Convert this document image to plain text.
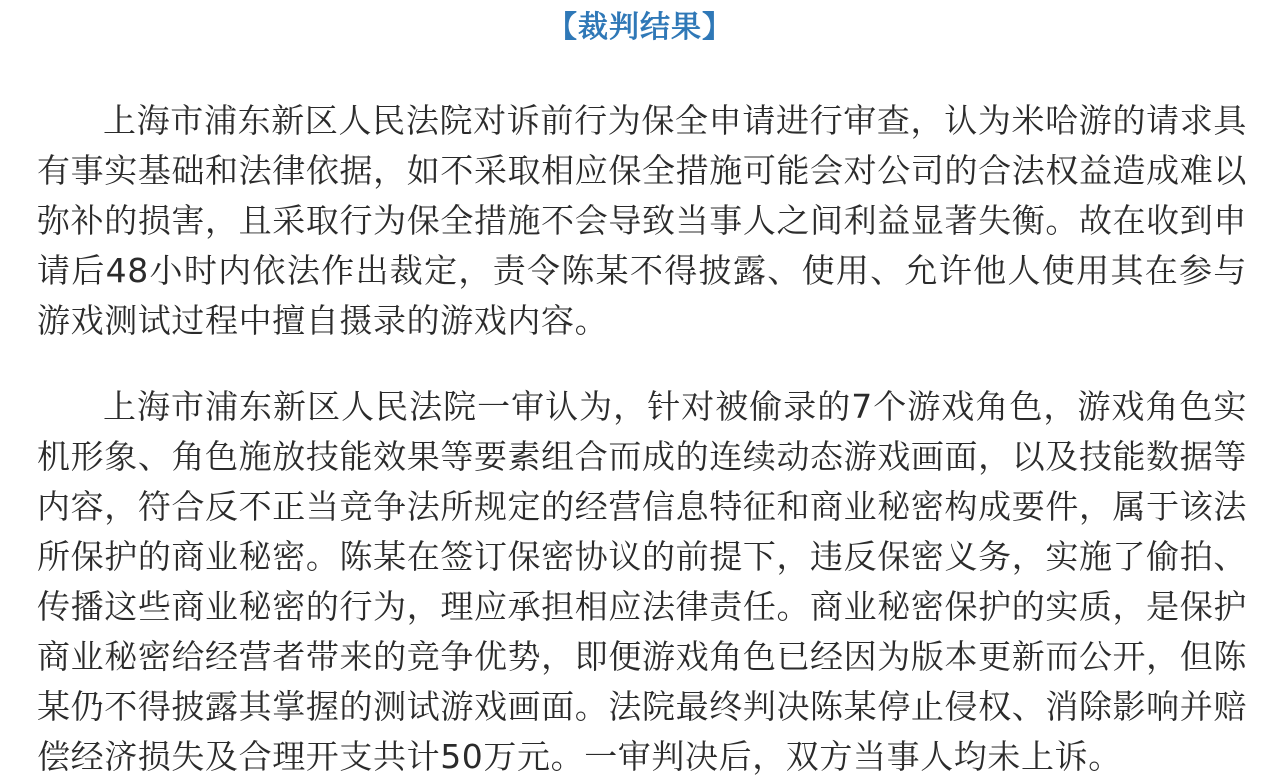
【裁判结果】

上海市浦东新区人民法院对诉前行为保全申请进行审查，认为米哈游的请求具有事实基础和法律依据，如不采取相应保全措施可能会对公司的合法权益造成难以弥补的损害，且采取行为保全措施不会导致当事人之间利益显著失衡。故在收到申请后48小时内依法作出裁定，责令陈某不得披露、使用、允许他人使用其在参与游戏测试过程中擅自摄录的游戏内容。

上海市浦东新区人民法院一审认为，针对被偷录的7个游戏角色，游戏角色实机形象、角色施放技能效果等要素组合而成的连续动态游戏画面，以及技能数据等内容，符合反不正当竞争法所规定的经营信息特征和商业秘密构成要件，属于该法所保护的商业秘密。陈某在签订保密协议的前提下，违反保密义务，实施了偷拍、传播这些商业秘密的行为，理应承担相应法律责任。商业秘密保护的实质，是保护商业秘密给经营者带来的竞争优势，即便游戏角色已经因为版本更新而公开，但陈某仍不得披露其掌握的测试游戏画面。法院最终判决陈某停止侵权、消除影响并赔偿经济损失及合理开支共计50万元。一审判决后，双方当事人均未上诉。
